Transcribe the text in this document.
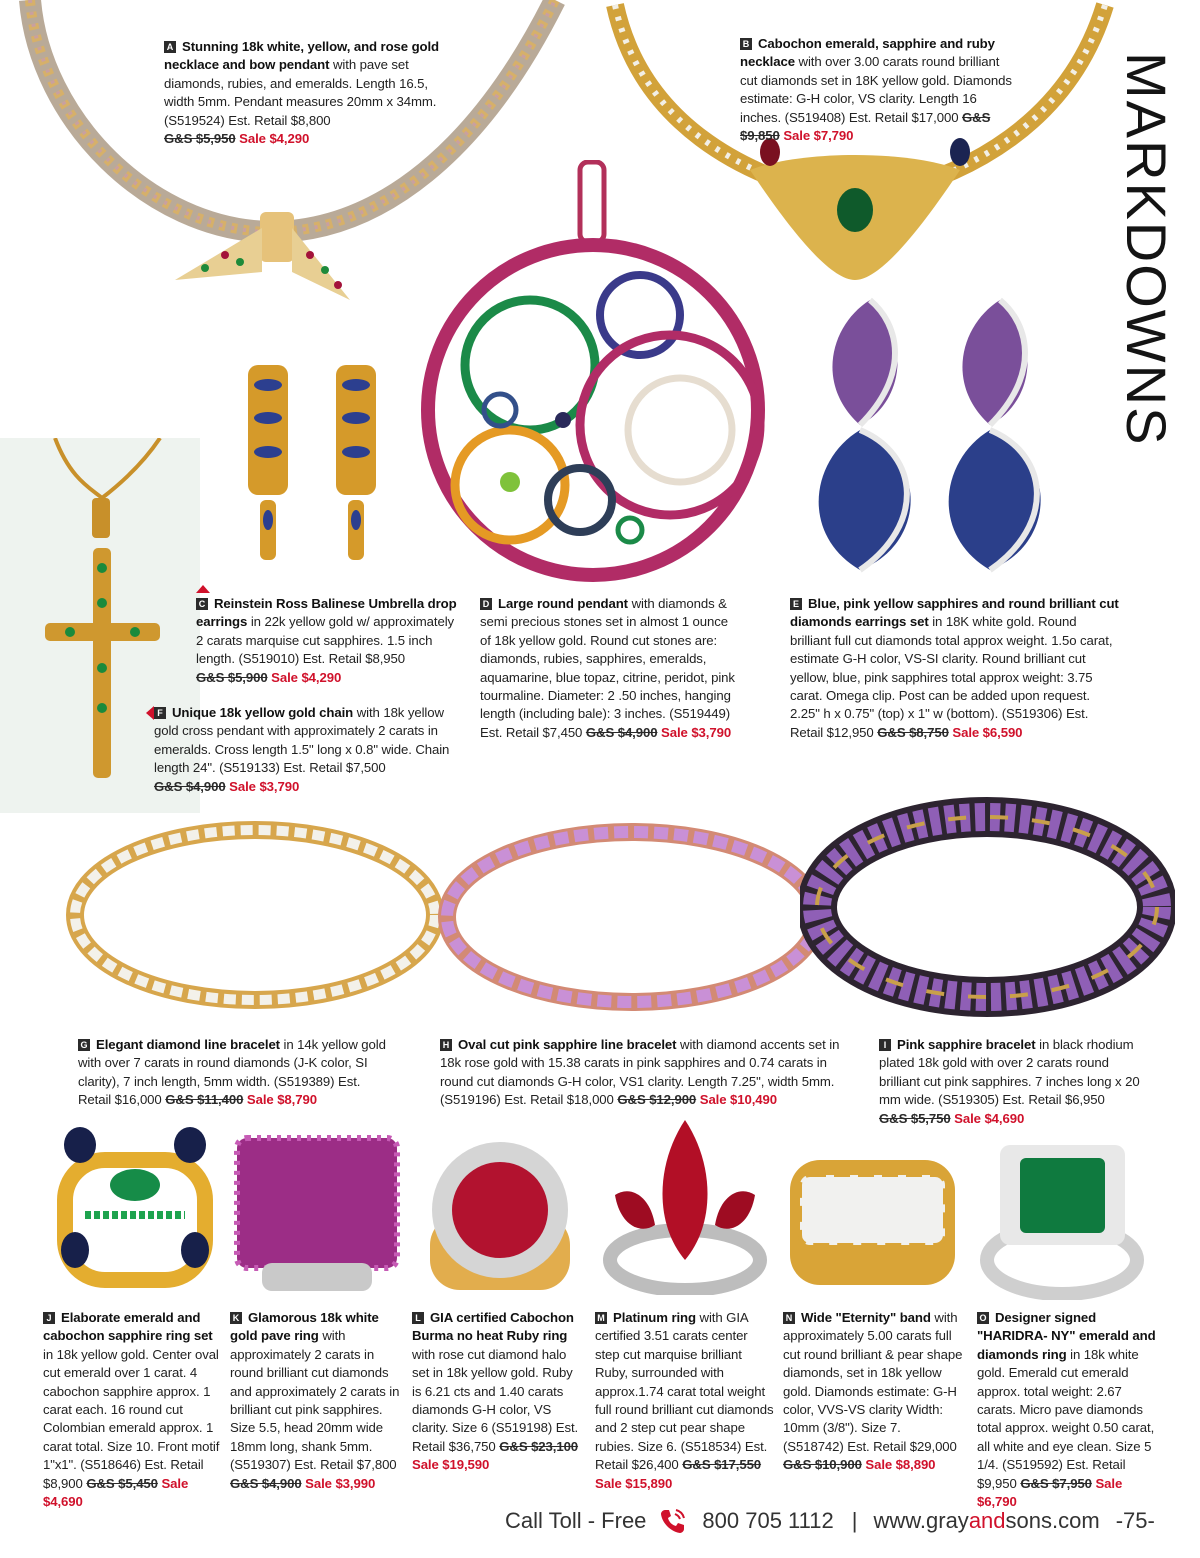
MARKDOWNS
A Stunning 18k white, yellow, and rose gold necklace and bow pendant with pave set diamonds, rubies, and emeralds. Length 16.5, width 5mm. Pendant measures 20mm x 34mm. (S519524) Est. Retail $8,800
G&S $5,950 Sale $4,290
B Cabochon emerald, sapphire and ruby necklace with over 3.00 carats round brilliant cut diamonds set in 18K yellow gold. Diamonds estimate: G-H color, VS clarity. Length 16 inches. (S519408) Est. Retail $17,000 G&S $9,850 Sale $7,790
C Reinstein Ross Balinese Umbrella drop earrings in 22k yellow gold w/ approximately 2 carats marquise cut sapphires. 1.5 inch length. (S519010) Est. Retail $8,950
G&S $5,900 Sale $4,290
D Large round pendant with diamonds & semi precious stones set in almost 1 ounce of 18k yellow gold. Round cut stones are: diamonds, rubies, sapphires, emeralds, aquamarine, blue topaz, citrine, peridot, pink tourmaline. Diameter: 2 .50 inches, hanging length (including bale): 3 inches. (S519449) Est. Retail $7,450 G&S $4,900 Sale $3,790
E Blue, pink yellow sapphires and round brilliant cut diamonds earrings set in 18K white gold. Round brilliant full cut diamonds total approx weight. 1.5o carat, estimate G-H color, VS-SI clarity. Round brilliant cut yellow, blue, pink sapphires total approx weight: 3.75 carat. Omega clip. Post can be added upon request. 2.25" h x 0.75" (top) x 1" w (bottom). (S519306) Est. Retail $12,950 G&S $8,750 Sale $6,590
F Unique 18k yellow gold chain with 18k yellow gold cross pendant with approximately 2 carats in emeralds. Cross length 1.5" long x 0.8" wide. Chain length 24". (S519133) Est. Retail $7,500
G&S $4,900 Sale $3,790
G Elegant diamond line bracelet in 14k yellow gold with over 7 carats in round diamonds (J-K color, SI clarity), 7 inch length, 5mm width. (S519389) Est. Retail $16,000 G&S $11,400 Sale $8,790
H Oval cut pink sapphire line bracelet with diamond accents set in 18k rose gold with 15.38 carats in pink sapphires and 0.74 carats in round cut diamonds G-H color, VS1 clarity. Length 7.25", width 5mm. (S519196) Est. Retail $18,000 G&S $12,900 Sale $10,490
I Pink sapphire bracelet in black rhodium plated 18k gold with over 2 carats round brilliant cut pink sapphires. 7 inches long x 20 mm wide. (S519305) Est. Retail $6,950
G&S $5,750 Sale $4,690
J Elaborate emerald and cabochon sapphire ring set in 18k yellow gold. Center oval cut emerald over 1 carat. 4 cabochon sapphire approx. 1 carat each. 16 round cut Colombian emerald approx. 1 carat total. Size 10. Front motif 1"x1". (S518646) Est. Retail $8,900 G&S $5,450 Sale $4,690
K Glamorous 18k white gold pave ring with approximately 2 carats in round brilliant cut diamonds and approximately 2 carats in brilliant cut pink sapphires. Size 5.5, head 20mm wide 18mm long, shank 5mm. (S519307) Est. Retail $7,800 G&S $4,900 Sale $3,990
L GIA certified Cabochon Burma no heat Ruby ring with rose cut diamond halo set in 18k yellow gold. Ruby is 6.21 cts and 1.40 carats diamonds G-H color, VS clarity. Size 6 (S519198) Est. Retail $36,750 G&S $23,100 Sale $19,590
M Platinum ring with GIA certified 3.51 carats center step cut marquise brilliant Ruby, surrounded with approx.1.74 carat total weight full round brilliant cut diamonds and 2 step cut pear shape rubies. Size 6. (S518534) Est. Retail $26,400 G&S $17,550 Sale $15,890
N Wide "Eternity" band with approximately 5.00 carats full cut round brilliant & pear shape diamonds, set in 18k yellow gold. Diamonds estimate: G-H color, VVS-VS clarity Width: 10mm (3/8"). Size 7. (S518742) Est. Retail $29,000 G&S $10,900 Sale $8,890
O Designer signed "HARIDRA- NY" emerald and diamonds ring in 18k white gold. Emerald cut emerald approx. total weight: 2.67 carats. Micro pave diamonds total approx. weight 0.50 carat, all white and eye clean. Size 5 1/4. (S519592) Est. Retail $9,950 G&S $7,950 Sale $6,790
Call Toll - Free	800 705 1112 | www.grayandsons.com -75-
